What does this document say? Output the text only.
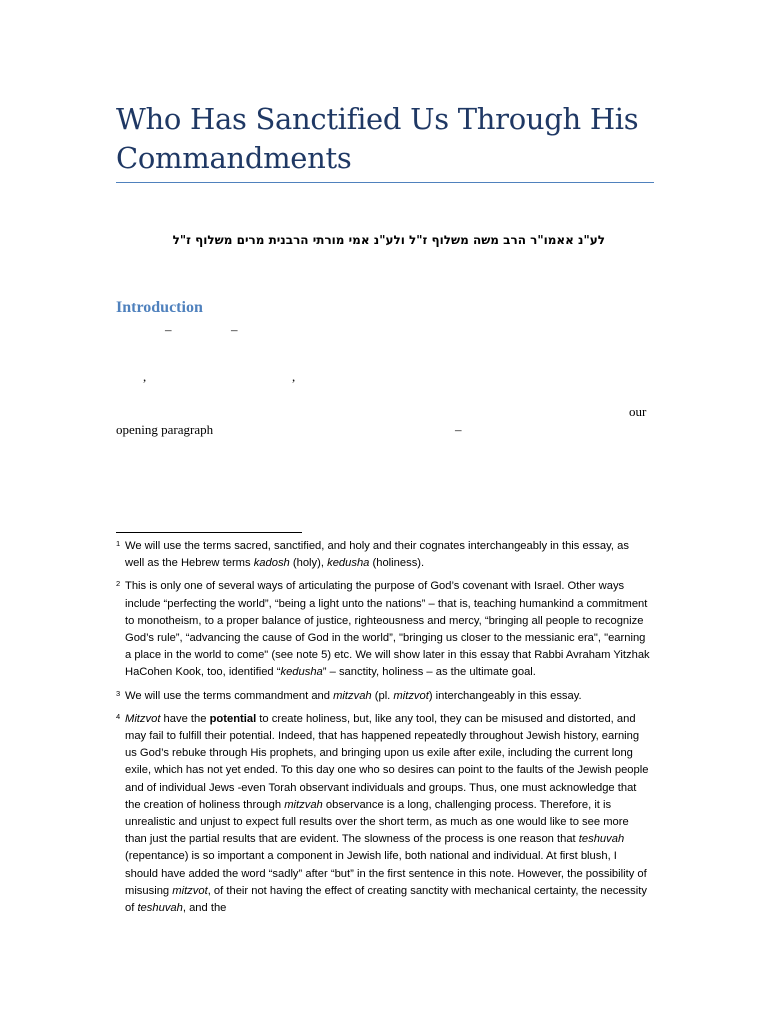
Who Has Sanctified Us Through His Commandments
לע"נ אאמו"ר הרב משה משלוף ז"ל ולע"נ אמי מורתי הרבנית מרים משלוף ז"ל
Introduction
–	–
,	,
our
opening paragraph	–
1 We will use the terms sacred, sanctified, and holy and their cognates interchangeably in this essay, as well as the Hebrew terms kadosh (holy), kedusha (holiness).
2 This is only one of several ways of articulating the purpose of God’s covenant with Israel. Other ways include “perfecting the world”, “being a light unto the nations” – that is, teaching humankind a commitment to monotheism, to a proper balance of justice, righteousness and mercy, “bringing all people to recognize God’s rule”, “advancing the cause of God in the world”, "bringing us closer to the messianic era", "earning a place in the world to come" (see note 5) etc. We will show later in this essay that Rabbi Avraham Yitzhak HaCohen Kook, too, identified “kedusha” – sanctity, holiness – as the ultimate goal.
3 We will use the terms commandment and mitzvah (pl. mitzvot) interchangeably in this essay.
4 Mitzvot have the potential to create holiness, but, like any tool, they can be misused and distorted, and may fail to fulfill their potential. Indeed, that has happened repeatedly throughout Jewish history, earning us God’s rebuke through His prophets, and bringing upon us exile after exile, including the current long exile, which has not yet ended. To this day one who so desires can point to the faults of the Jewish people and of individual Jews -even Torah observant individuals and groups. Thus, one must acknowledge that the creation of holiness through mitzvah observance is a long, challenging process. Therefore, it is unrealistic and unjust to expect full results over the short term, as much as one would like to see more than just the partial results that are evident. The slowness of the process is one reason that teshuvah (repentance) is so important a component in Jewish life, both national and individual. At first blush, I should have added the word “sadly” after “but” in the first sentence in this note. However, the possibility of misusing mitzvot, of their not having the effect of creating sanctity with mechanical certainty, the necessity of teshuvah, and the
